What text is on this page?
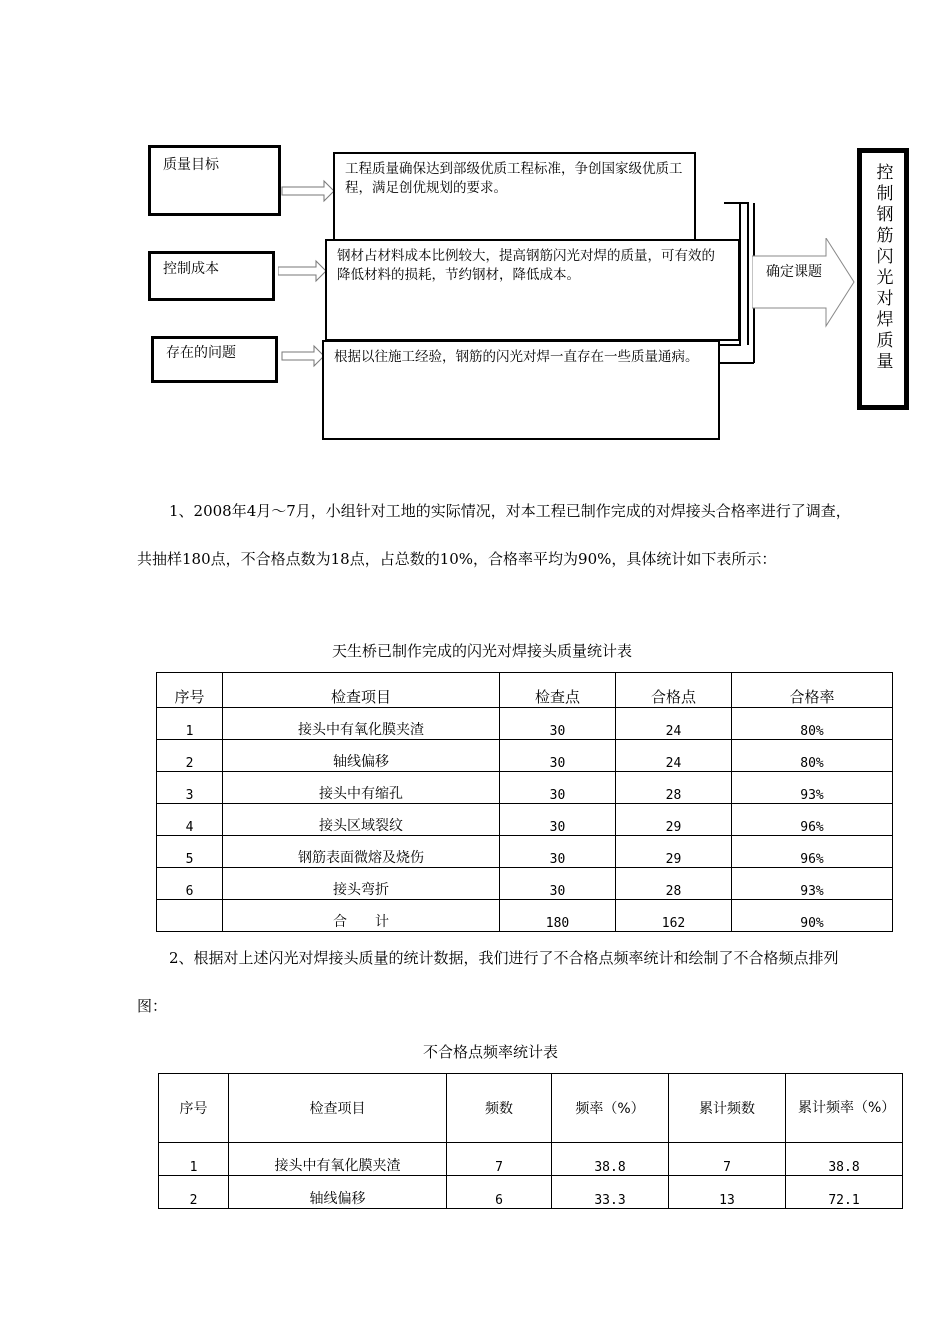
质量目标
控制成本
存在的问题
工程质量确保达到部级优质工程标准，争创国家级优质工程，满足创优规划的要求。
钢材占材料成本比例较大，提高钢筋闪光对焊的质量，可有效的降低材料的损耗，节约钢材，降低成本。
根据以往施工经验，钢筋的闪光对焊一直存在一些质量通病。
确定课题	控制钢筋闪光对焊质量
1、2008年4月～7月，小组针对工地的实际情况，对本工程已制作完成的对焊接头合格率进行了调查，共抽样180点，不合格点数为18点，占总数的10%，合格率平均为90%，具体统计如下表所示：
天生桥已制作完成的闪光对焊接头质量统计表
序号	检查项目	检查点	合格点	合格率
1	接头中有氧化膜夹渣	30	24	80%
2	轴线偏移	30	24	80%
3	接头中有缩孔	30	28	93%
4	接头区域裂纹	30	29	96%
5	钢筋表面微熔及烧伤	30	29	96%
6	接头弯折	30	28	93%
	合　　计	180	162	90%
2、根据对上述闪光对焊接头质量的统计数据，我们进行了不合格点频率统计和绘制了不合格频点排列图：
不合格点频率统计表
序号	检查项目	频数	频率（%）	累计频数	累计频率（%）
1	接头中有氧化膜夹渣	7	38.8	7	38.8
2	轴线偏移	6	33.3	13	72.1
